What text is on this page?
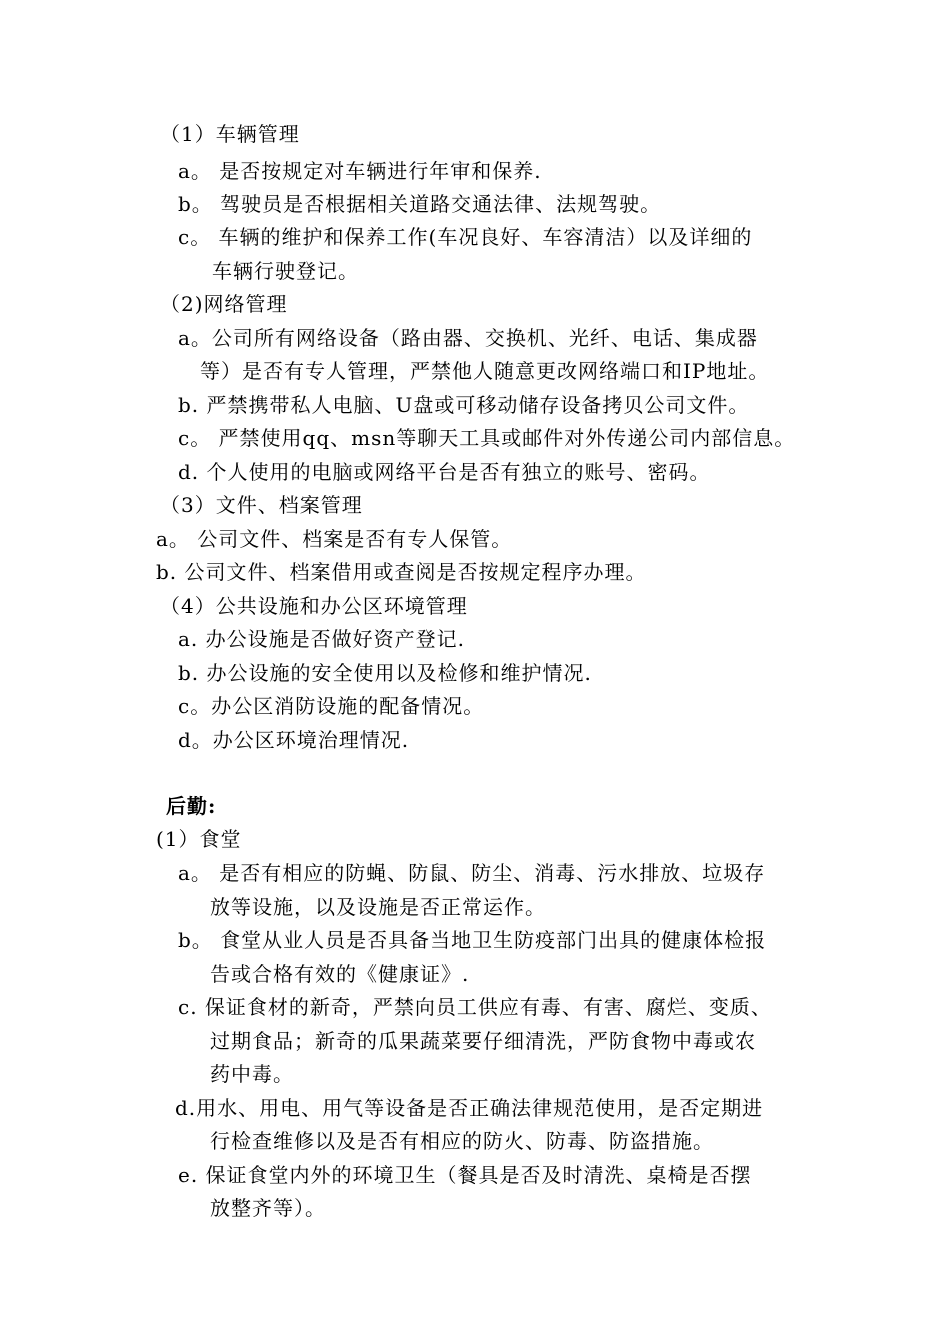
（1）车辆管理
a。 是否按规定对车辆进行年审和保养.
b。 驾驶员是否根据相关道路交通法律、法规驾驶。
c。 车辆的维护和保养工作(车况良好、车容清洁）以及详细的
车辆行驶登记。
（2)网络管理
a。公司所有网络设备（路由器、交换机、光纤、电话、集成器
等）是否有专人管理，严禁他人随意更改网络端口和IP地址。
b. 严禁携带私人电脑、U盘或可移动储存设备拷贝公司文件。
c。 严禁使用qq、msn等聊天工具或邮件对外传递公司内部信息。
d. 个人使用的电脑或网络平台是否有独立的账号、密码。
（3）文件、档案管理
a。 公司文件、档案是否有专人保管。
b. 公司文件、档案借用或查阅是否按规定程序办理。
（4）公共设施和办公区环境管理
a. 办公设施是否做好资产登记.
b. 办公设施的安全使用以及检修和维护情况.
c。办公区消防设施的配备情况。
d。办公区环境治理情况.
后勤:
(1）食堂
a。 是否有相应的防蝇、防鼠、防尘、消毒、污水排放、垃圾存
放等设施，以及设施是否正常运作。
b。 食堂从业人员是否具备当地卫生防疫部门出具的健康体检报
告或合格有效的《健康证》.
c. 保证食材的新奇，严禁向员工供应有毒、有害、腐烂、变质、
过期食品；新奇的瓜果蔬菜要仔细清洗，严防食物中毒或农
药中毒。
d.用水、用电、用气等设备是否正确法律规范使用，是否定期进
行检查维修以及是否有相应的防火、防毒、防盗措施。
e. 保证食堂内外的环境卫生（餐具是否及时清洗、桌椅是否摆
放整齐等）。
